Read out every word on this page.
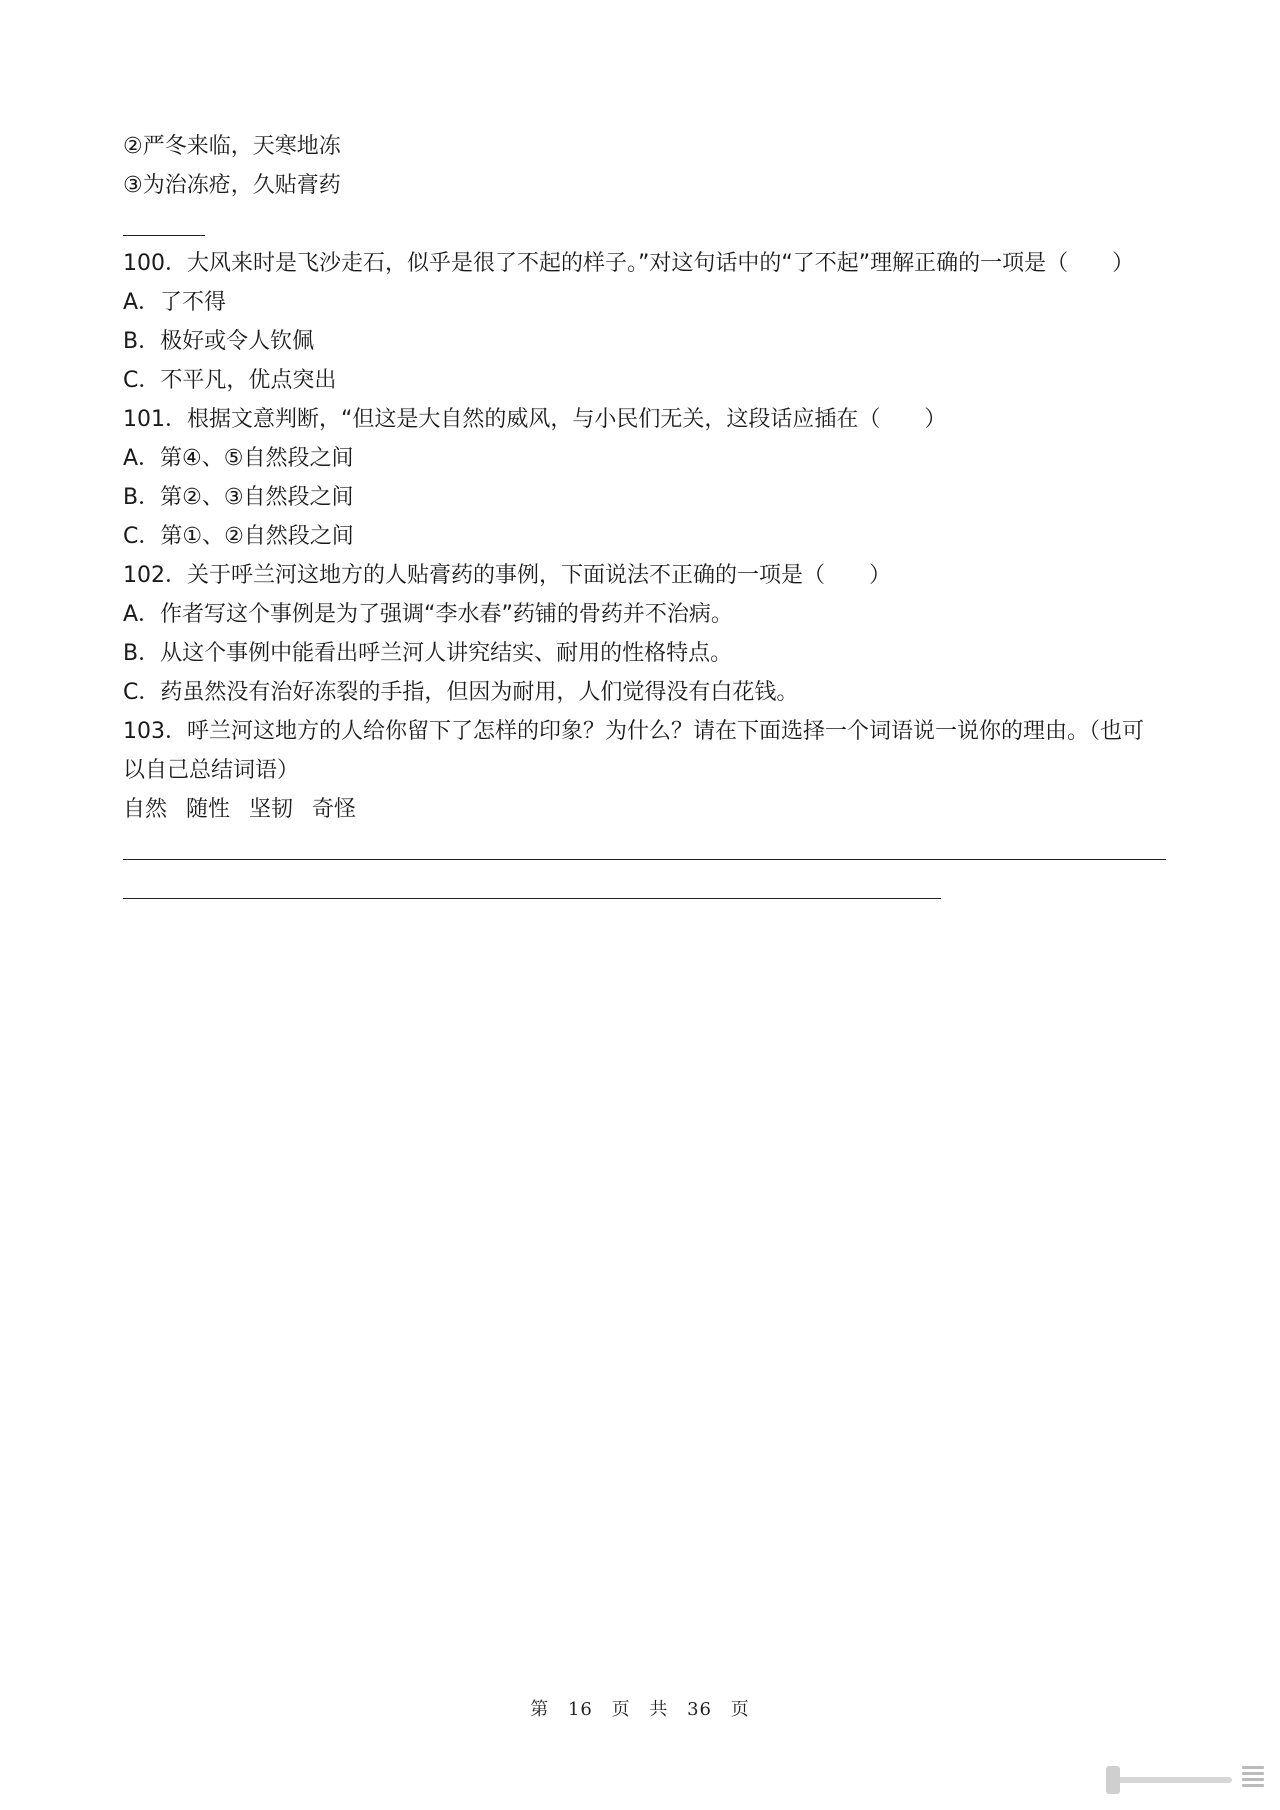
②严冬来临，天寒地冻
③为治冻疮，久贴膏药
100．大风来时是飞沙走石，似乎是很了不起的样子。”对这句话中的“了不起”理解正确的一项是（　　）
A．了不得
B．极好或令人钦佩
C．不平凡，优点突出
101．根据文意判断，“但这是大自然的威风，与小民们无关，这段话应插在（　　）
A．第④、⑤自然段之间
B．第②、③自然段之间
C．第①、②自然段之间
102．关于呼兰河这地方的人贴膏药的事例，下面说法不正确的一项是（　　）
A．作者写这个事例是为了强调“李水春”药铺的骨药并不治病。
B．从这个事例中能看出呼兰河人讲究结实、耐用的性格特点。
C．药虽然没有治好冻裂的手指，但因为耐用，人们觉得没有白花钱。
103．呼兰河这地方的人给你留下了怎样的印象？为什么？请在下面选择一个词语说一说你的理由。（也可
以自己总结词语）
自然 随性 坚韧 奇怪
第 16 页 共 36 页
